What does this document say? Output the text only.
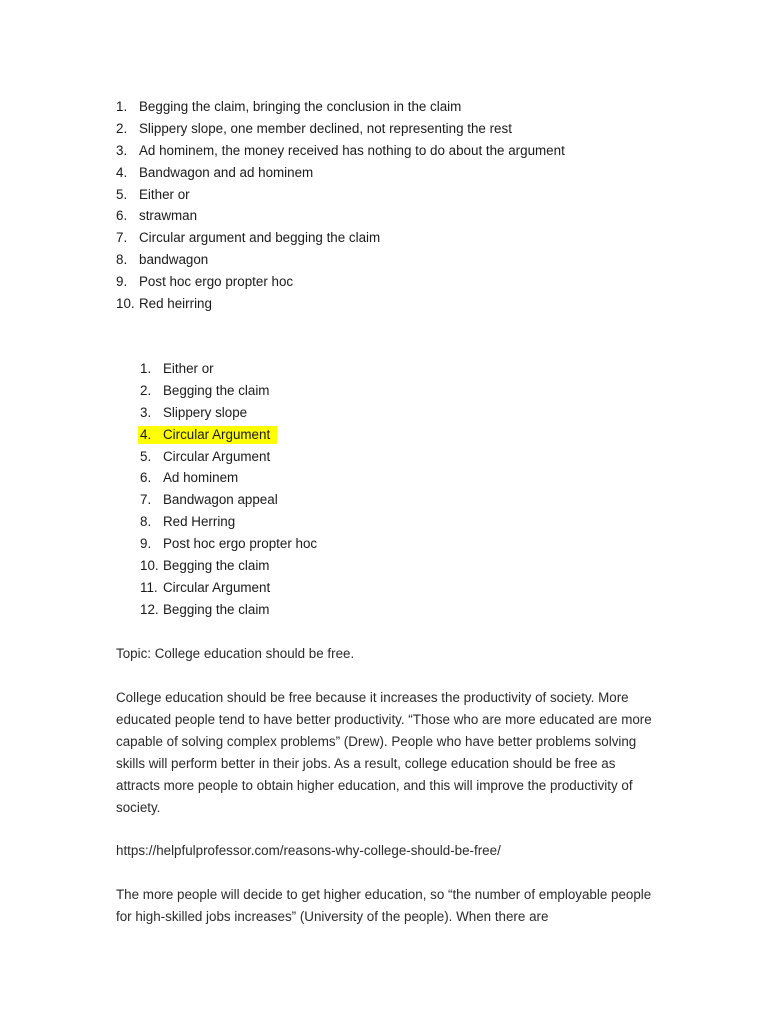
1. Begging the claim, bringing the conclusion in the claim
2. Slippery slope, one member declined, not representing the rest
3. Ad hominem, the money received has nothing to do about the argument
4. Bandwagon and ad hominem
5. Either or
6. strawman
7. Circular argument and begging the claim
8. bandwagon
9. Post hoc ergo propter hoc
10. Red heirring
1. Either or
2. Begging the claim
3. Slippery slope
4. Circular Argument
5. Circular Argument
6. Ad hominem
7. Bandwagon appeal
8. Red Herring
9. Post hoc ergo propter hoc
10. Begging the claim
11. Circular Argument
12. Begging the claim

Topic: College education should be free.

College education should be free because it increases the productivity of society. More educated people tend to have better productivity. “Those who are more educated are more capable of solving complex problems” (Drew). People who have better problems solving skills will perform better in their jobs. As a result, college education should be free as attracts more people to obtain higher education, and this will improve the productivity of society.

https://helpfulprofessor.com/reasons-why-college-should-be-free/

The more people will decide to get higher education, so “the number of employable people for high-skilled jobs increases” (University of the people). When there are
